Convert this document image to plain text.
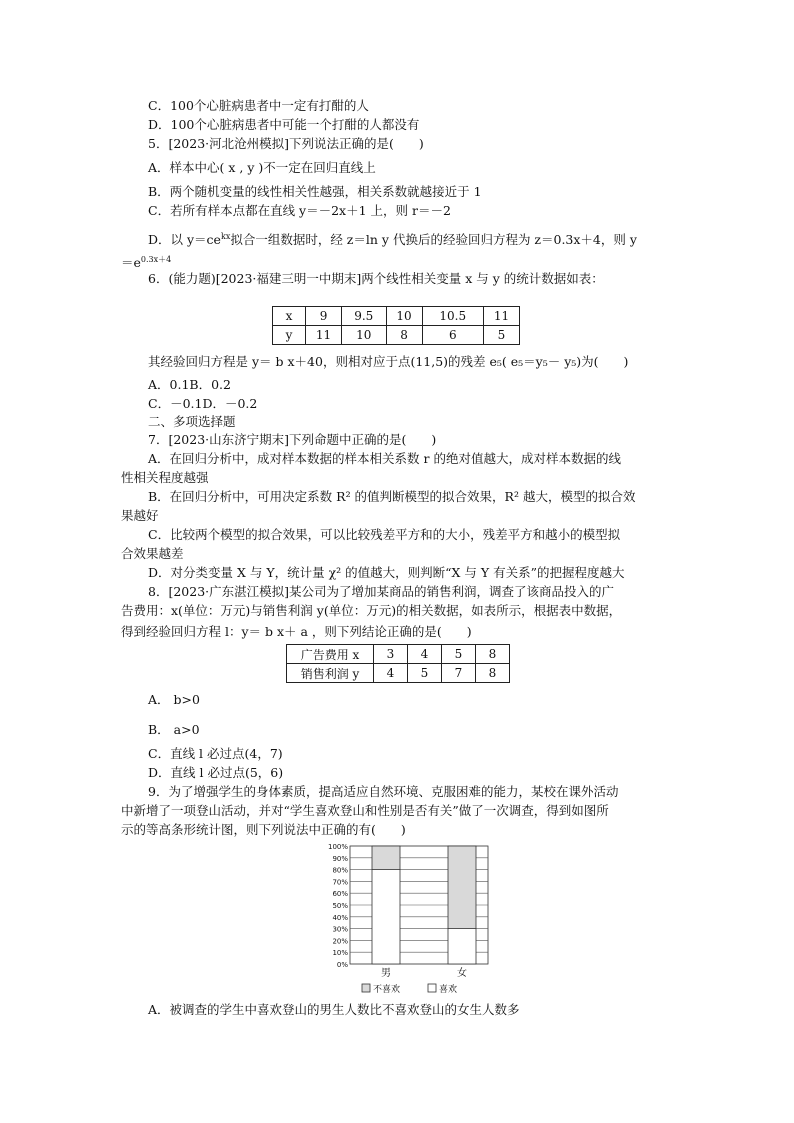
C．100个心脏病患者中一定有打酣的人
D．100个心脏病患者中可能一个打酣的人都没有
5．[2023·河北沧州模拟]下列说法正确的是(　　)
A．样本中心( x , y )不一定在回归直线上
B．两个随机变量的线性相关性越强，相关系数就越接近于 1
C．若所有样本点都在直线 y＝－2x＋1 上，则 r＝－2
D．以 $y=ce^{kx}$拟合一组数据时，经 z＝ln y 代换后的经验回归方程为 z＝0.3x＋4，则 y
$=e^{0.3x+4}$
6．(能力题)[2023·福建三明一中期末]两个线性相关变量 x 与 y 的统计数据如表：
x	9	9.5	10	10.5	11
y	11	10	8	6	5
其经验回归方程是 y＝ b x＋40，则相对应于点(11,5)的残差 e₅( e₅＝y₅－ y₅)为(　　)
A．0.1B．0.2
C．－0.1D．－0.2
二、多项选择题
7．[2023·山东济宁期末]下列命题中正确的是(　　)
A．在回归分析中，成对样本数据的样本相关系数 r 的绝对值越大，成对样本数据的线
性相关程度越强
B．在回归分析中，可用决定系数 R² 的值判断模型的拟合效果，R² 越大，模型的拟合效
果越好
C．比较两个模型的拟合效果，可以比较残差平方和的大小，残差平方和越小的模型拟
合效果越差
D．对分类变量 X 与 Y，统计量 χ² 的值越大，则判断“X 与 Y 有关系”的把握程度越大
8．[2023·广东湛江模拟]某公司为了增加某商品的销售利润，调查了该商品投入的广
告费用：x(单位：万元)与销售利润 y(单位：万元)的相关数据，如表所示，根据表中数据，
得到经验回归方程 l：y＝ b x＋ a ，则下列结论正确的是(　　)
广告费用 x	3	4	5	8
销售利润 y	4	5	7	8
A． b>0
B． a>0
C．直线 l 必过点(4，7)
D．直线 l 必过点(5，6)
9．为了增强学生的身体素质，提高适应自然环境、克服困难的能力，某校在课外活动
中新增了一项登山活动，并对“学生喜欢登山和性别是否有关”做了一次调查，得到如图所
示的等高条形统计图，则下列说法中正确的有(　　)
0%
10%
20%
30%
40%
50%
60%
70%
80%
90%
100%
男	女
不喜欢	喜欢
A．被调查的学生中喜欢登山的男生人数比不喜欢登山的女生人数多
